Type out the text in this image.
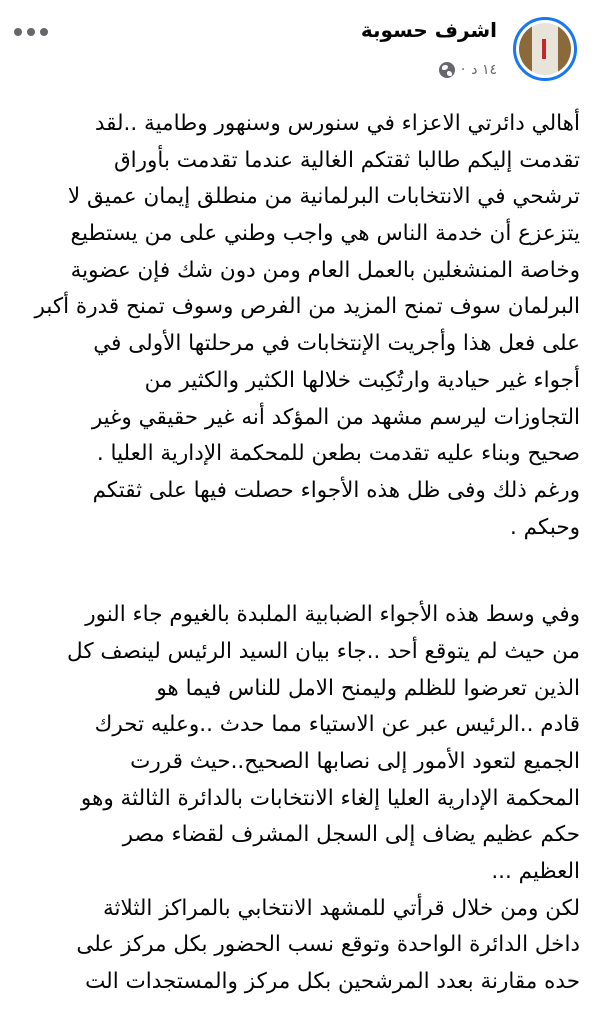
اشرف حسوبة
١٤ د
·
أهالي دائرتي الاعزاء في سنورس وسنهور وطامية ..لقد
تقدمت إليكم طالبا ثقتكم الغالية عندما تقدمت بأوراق
ترشحي في الانتخابات البرلمانية من منطلق إيمان عميق لا
يتزعزع أن خدمة الناس هي واجب وطني على من يستطيع
وخاصة المنشغلين بالعمل العام ومن دون شك فإن عضوية
البرلمان سوف تمنح المزيد من الفرص وسوف تمنح قدرة أكبر
على فعل هذا وأجريت الإنتخابات في مرحلتها الأولى في
أجواء غير حيادية وارتُكِبت خلالها الكثير والكثير من
التجاوزات ليرسم مشهد من المؤكد أنه غير حقيقي وغير
صحيح وبناء عليه تقدمت بطعن للمحكمة الإدارية العليا .
ورغم ذلك وفى ظل هذه الأجواء حصلت فيها على ثقتكم
وحبكم .
وفي وسط هذه الأجواء الضبابية الملبدة بالغيوم جاء النور
من حيث لم يتوقع أحد ..جاء بيان السيد الرئيس لينصف كل
الذين تعرضوا للظلم وليمنح الامل للناس فيما هو
قادم ..الرئيس عبر عن الاستياء مما حدث ..وعليه تحرك
الجميع لتعود الأمور إلى نصابها الصحيح..حيث قررت
المحكمة الإدارية العليا إلغاء الانتخابات بالدائرة الثالثة وهو
حكم عظيم يضاف إلى السجل المشرف لقضاء مصر
العظيم ...
لكن ومن خلال قرأتي للمشهد الانتخابي بالمراكز الثلاثة
داخل الدائرة الواحدة وتوقع نسب الحضور بكل مركز على
حده مقارنة بعدد المرشحين بكل مركز والمستجدات الت
